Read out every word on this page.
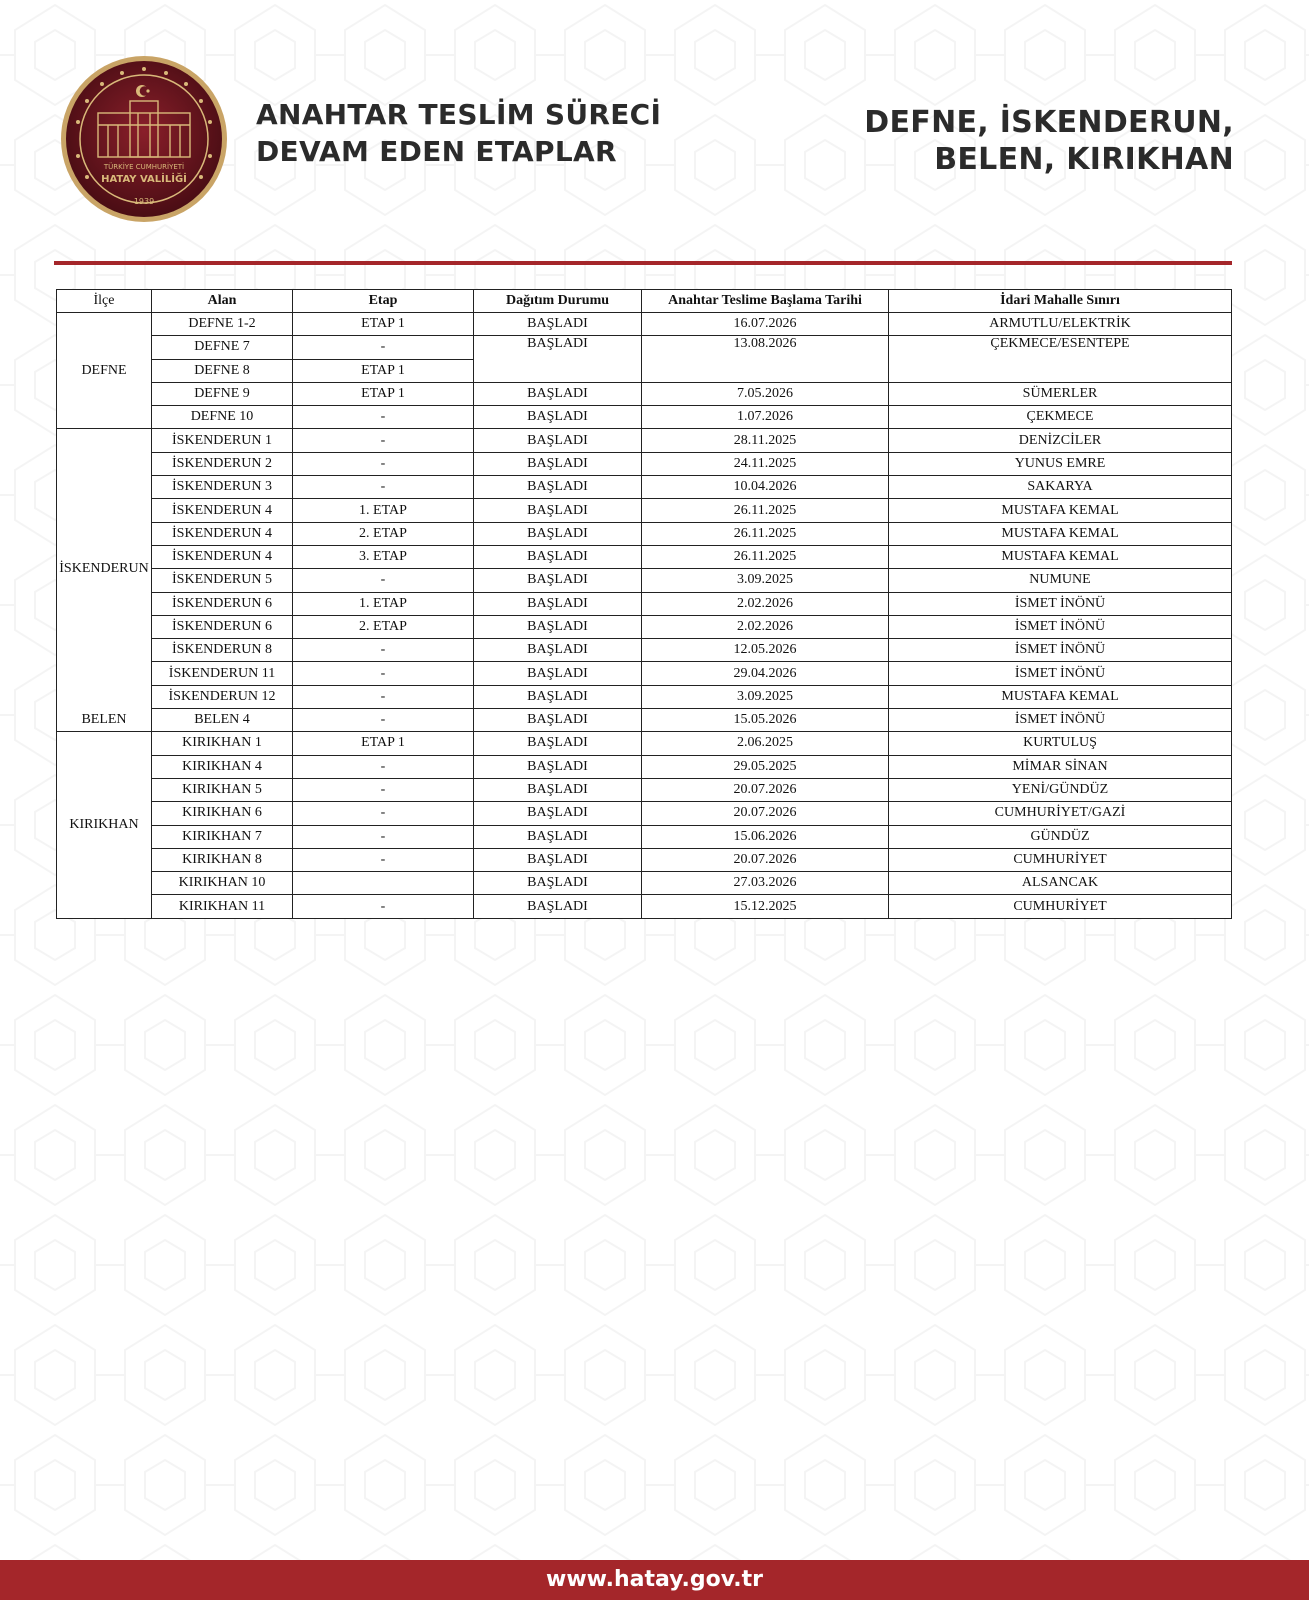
TÜRKİYE CUMHURİYETİ
HATAY VALİLİĞİ
1939
ANAHTAR TESLİM SÜRECİ
DEVAM EDEN ETAPLAR
DEFNE, İSKENDERUN,
BELEN, KIRIKHAN
İlçe	Alan	Etap	Dağıtım Durumu	Anahtar Teslime Başlama Tarihi	İdari Mahalle Sınırı
DEFNE	DEFNE 1-2	ETAP 1	BAŞLADI	16.07.2026	ARMUTLU/ELEKTRİK
	DEFNE 7	-	BAŞLADI	13.08.2026	ÇEKMECE/ESENTEPE
	DEFNE 8	ETAP 1			
	DEFNE 9	ETAP 1	BAŞLADI	7.05.2026	SÜMERLER
	DEFNE 10	-	BAŞLADI	1.07.2026	ÇEKMECE
İSKENDERUN	İSKENDERUN 1	-	BAŞLADI	28.11.2025	DENİZCİLER
	İSKENDERUN 2	-	BAŞLADI	24.11.2025	YUNUS EMRE
	İSKENDERUN 3	-	BAŞLADI	10.04.2026	SAKARYA
	İSKENDERUN 4	1. ETAP	BAŞLADI	26.11.2025	MUSTAFA KEMAL
	İSKENDERUN 4	2. ETAP	BAŞLADI	26.11.2025	MUSTAFA KEMAL
	İSKENDERUN 4	3. ETAP	BAŞLADI	26.11.2025	MUSTAFA KEMAL
	İSKENDERUN 5	-	BAŞLADI	3.09.2025	NUMUNE
	İSKENDERUN 6	1. ETAP	BAŞLADI	2.02.2026	İSMET İNÖNÜ
	İSKENDERUN 6	2. ETAP	BAŞLADI	2.02.2026	İSMET İNÖNÜ
	İSKENDERUN 8	-	BAŞLADI	12.05.2026	İSMET İNÖNÜ
	İSKENDERUN 11	-	BAŞLADI	29.04.2026	İSMET İNÖNÜ
	İSKENDERUN 12	-	BAŞLADI	3.09.2025	MUSTAFA KEMAL
BELEN	BELEN 4	-	BAŞLADI	15.05.2026	İSMET İNÖNÜ
KIRIKHAN	KIRIKHAN 1	ETAP 1	BAŞLADI	2.06.2025	KURTULUŞ
	KIRIKHAN 4	-	BAŞLADI	29.05.2025	MİMAR SİNAN
	KIRIKHAN 5	-	BAŞLADI	20.07.2026	YENİ/GÜNDÜZ
	KIRIKHAN 6	-	BAŞLADI	20.07.2026	CUMHURİYET/GAZİ
	KIRIKHAN 7	-	BAŞLADI	15.06.2026	GÜNDÜZ
	KIRIKHAN 8	-	BAŞLADI	20.07.2026	CUMHURİYET
	KIRIKHAN 10		BAŞLADI	27.03.2026	ALSANCAK
	KIRIKHAN 11	-	BAŞLADI	15.12.2025	CUMHURİYET
www.hatay.gov.tr
